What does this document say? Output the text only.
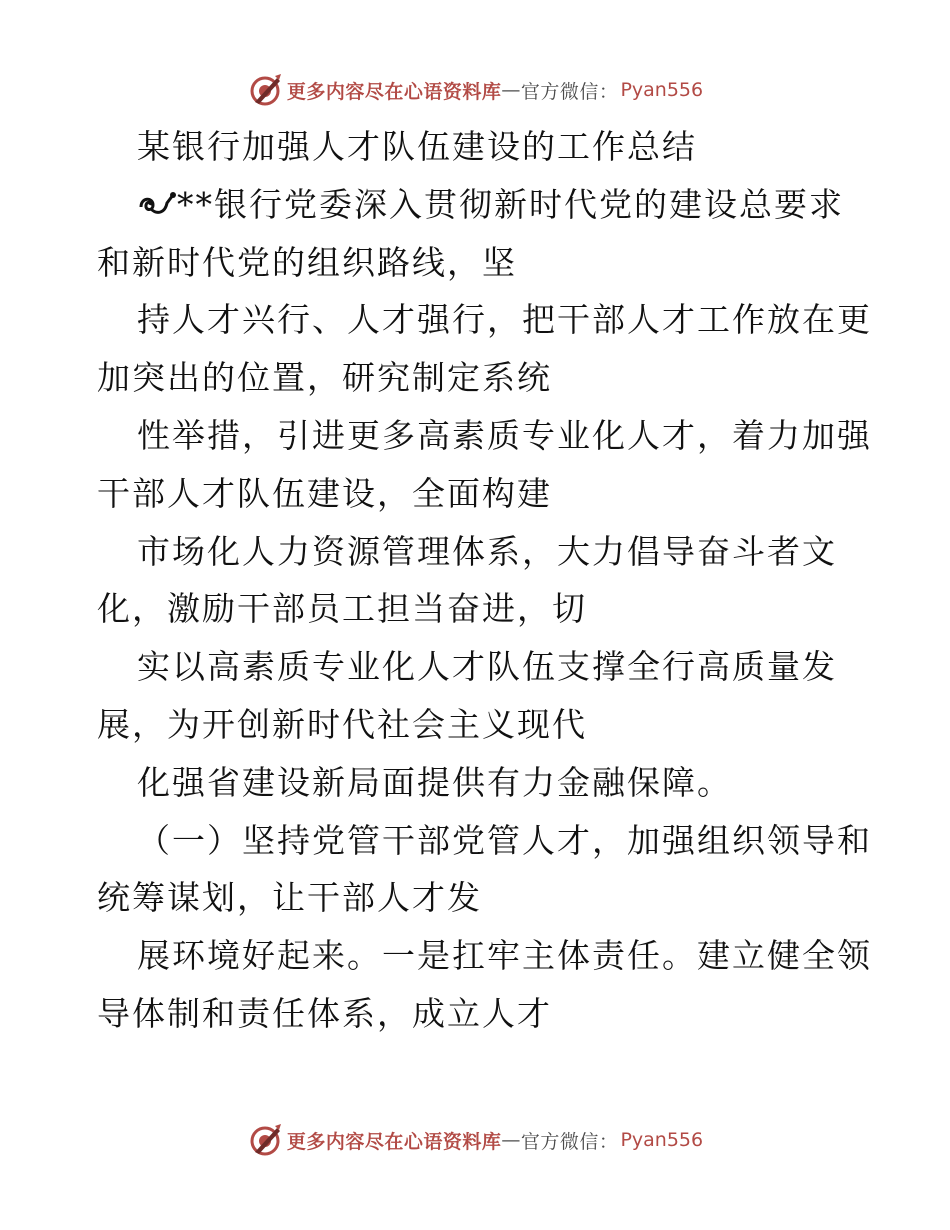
更多内容尽在心语资料库 — 官方微信： Pyan556
某银行加强人才队伍建设的工作总结
**银行党委深入贯彻新时代党的建设总要求
和新时代党的组织路线，坚
持人才兴行、人才强行，把干部人才工作放在更
加突出的位置，研究制定系统
性举措，引进更多高素质专业化人才，着力加强
干部人才队伍建设，全面构建
市场化人力资源管理体系，大力倡导奋斗者文
化，激励干部员工担当奋进，切
实以高素质专业化人才队伍支撑全行高质量发
展，为开创新时代社会主义现代
化强省建设新局面提供有力金融保障。
（一）坚持党管干部党管人才，加强组织领导和
统筹谋划，让干部人才发
展环境好起来。一是扛牢主体责任。建立健全领
导体制和责任体系，成立人才
更多内容尽在心语资料库 — 官方微信： Pyan556
